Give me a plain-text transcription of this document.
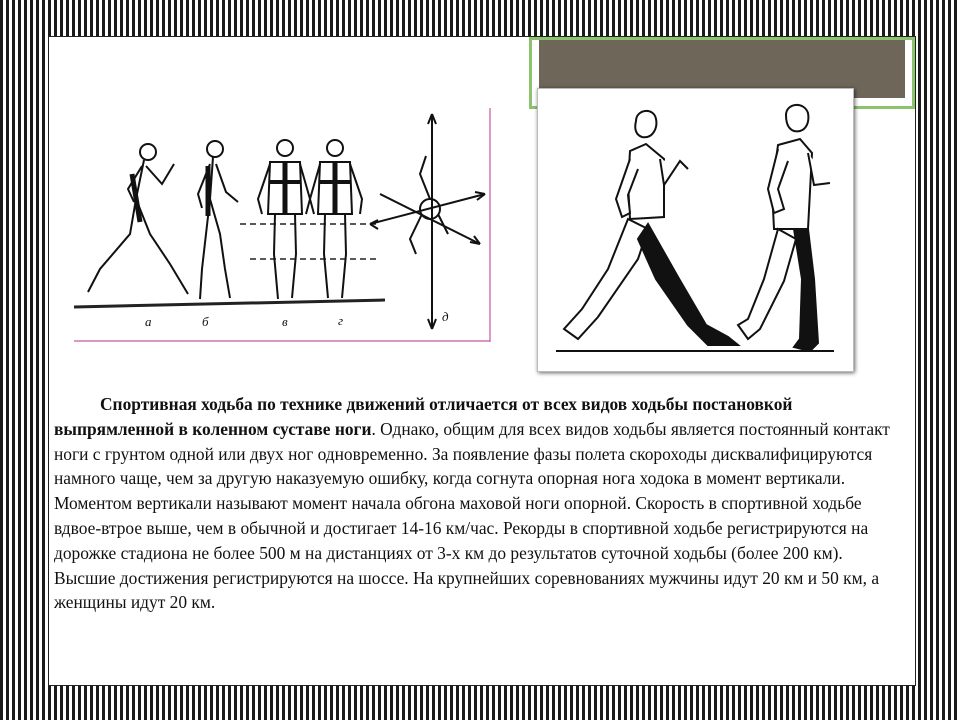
а	б	в	г	д
Спортивная ходьба по технике движений отличается от всех видов ходьбы постановкой выпрямленной в коленном суставе ноги. Однако, общим для всех видов ходьбы является постоянный контакт ноги с грунтом одной или двух ног одновременно. За появление фазы полета скороходы дисквалифицируются намного чаще, чем за другую наказуемую ошибку, когда согнута опорная нога ходока в момент вертикали. Моментом вертикали называют момент начала обгона маховой ноги опорной. Скорость в спортивной ходьбе вдвое-втрое выше, чем в обычной и достигает 14-16 км/час. Рекорды в спортивной ходьбе регистрируются на дорожке стадиона не более 500 м на дистанциях от 3-х км до результатов суточной ходьбы (более 200 км). Высшие достижения регистрируются на шоссе. На крупнейших соревнованиях мужчины идут 20 км и 50 км, а женщины идут 20 км.
